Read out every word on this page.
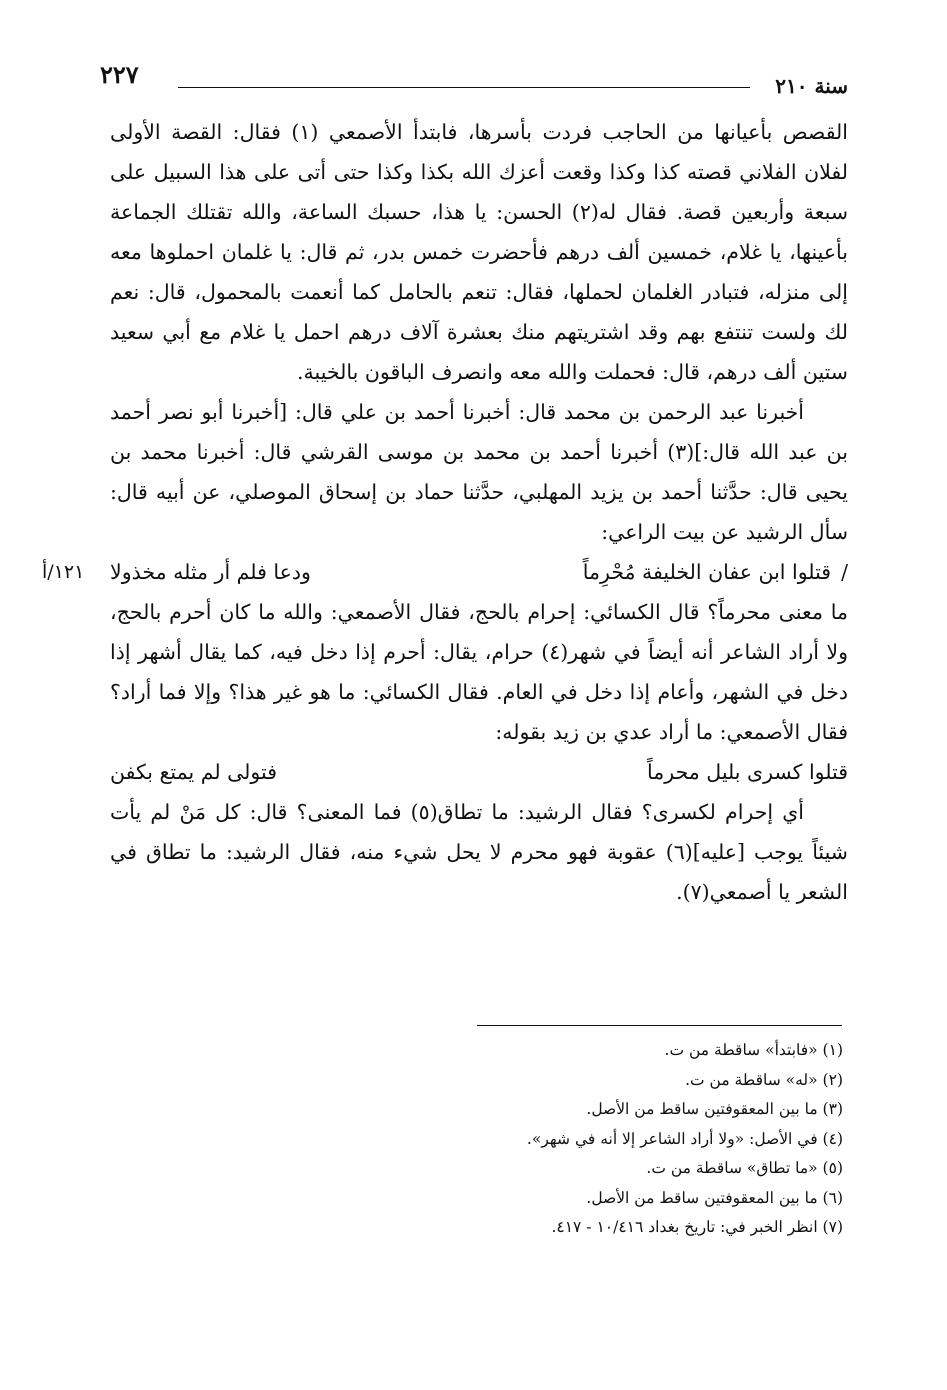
سنة ٢١٠
٢٢٧

القصص بأعيانها من الحاجب فردت بأسرها، فابتدأ الأصمعي (١) فقال: القصة الأولى لفلان الفلاني قصته كذا وكذا وقعت أعزك الله بكذا وكذا حتى أتى على هذا السبيل على سبعة وأربعين قصة. فقال له(٢) الحسن: يا هذا، حسبك الساعة، والله تقتلك الجماعة بأعينها، يا غلام، خمسين ألف درهم فأحضرت خمس بدر، ثم قال: يا غلمان احملوها معه إلى منزله، فتبادر الغلمان لحملها، فقال: تنعم بالحامل كما أنعمت بالمحمول، قال: نعم لك ولست تنتفع بهم وقد اشتريتهم منك بعشرة آلاف درهم احمل يا غلام مع أبي سعيد ستين ألف درهم، قال: فحملت والله معه وانصرف الباقون بالخيبة.

أخبرنا عبد الرحمن بن محمد قال: أخبرنا أحمد بن علي قال: [أخبرنا أبو نصر أحمد بن عبد الله قال:](٣) أخبرنا أحمد بن محمد بن موسى القرشي قال: أخبرنا محمد بن يحيى قال: حدَّثنا أحمد بن يزيد المهلبي، حدَّثنا حماد بن إسحاق الموصلي، عن أبيه قال: سأل الرشيد عن بيت الراعي:

/قتلوا ابن عفان الخليفة مُحْرِماً
ودعا فلم أر مثله مخذولا
١٢١/أ

ما معنى محرماً؟ قال الكسائي: إحرام بالحج، فقال الأصمعي: والله ما كان أحرم بالحج، ولا أراد الشاعر أنه أيضاً في شهر(٤) حرام، يقال: أحرم إذا دخل فيه، كما يقال أشهر إذا دخل في الشهر، وأعام إذا دخل في العام. فقال الكسائي: ما هو غير هذا؟ وإلا فما أراد؟ فقال الأصمعي: ما أراد عدي بن زيد بقوله:

قتلوا كسرى بليل محرماً
فتولى لم يمتع بكفن

أي إحرام لكسرى؟ فقال الرشيد: ما تطاق(٥) فما المعنى؟ قال: كل مَنْ لم يأت شيئاً يوجب [عليه](٦) عقوبة فهو محرم لا يحل شيء منه، فقال الرشيد: ما تطاق في الشعر يا أصمعي(٧).

(١) «فابتدأ» ساقطة من ت.
(٢) «له» ساقطة من ت.
(٣) ما بين المعقوفتين ساقط من الأصل.
(٤) في الأصل: «ولا أراد الشاعر إلا أنه في شهر».
(٥) «ما تطاق» ساقطة من ت.
(٦) ما بين المعقوفتين ساقط من الأصل.
(٧) انظر الخبر في: تاريخ بغداد ١٠/٤١٦ - ٤١٧.
